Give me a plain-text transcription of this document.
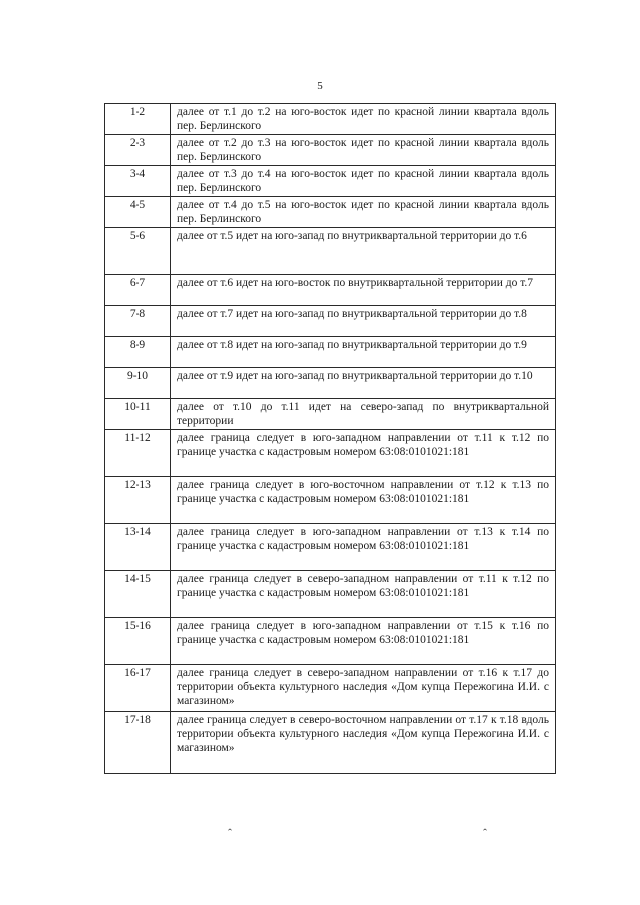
5
1-2	далее от т.1 до т.2 на юго-восток идет по красной линии квартала вдоль пер. Берлинского
2-3	далее от т.2 до т.3 на юго-восток идет по красной линии квартала вдоль пер. Берлинского
3-4	далее от т.3 до т.4 на юго-восток идет по красной линии квартала вдоль пер. Берлинского
4-5	далее от т.4 до т.5 на юго-восток идет по красной линии квартала вдоль пер. Берлинского
5-6	далее от т.5 идет на юго-запад по внутриквартальной территории до т.6
6-7	далее от т.6 идет на юго-восток по внутриквартальной территории до т.7
7-8	далее от т.7 идет на юго-запад по внутриквартальной территории до т.8
8-9	далее от т.8 идет на юго-запад по внутриквартальной территории до т.9
9-10	далее от т.9 идет на юго-запад по внутриквартальной территории до т.10
10-11	далее от т.10 до т.11 идет на северо-запад по внутриквартальной территории
11-12	далее граница следует в юго-западном направлении от т.11 к т.12 по границе участка с кадастровым номером 63:08:0101021:181
12-13	далее граница следует в юго-восточном направлении от т.12 к т.13 по границе участка с кадастровым номером 63:08:0101021:181
13-14	далее граница следует в юго-западном направлении от т.13 к т.14 по границе участка с кадастровым номером 63:08:0101021:181
14-15	далее граница следует в северо-западном направлении от т.11 к т.12 по границе участка с кадастровым номером 63:08:0101021:181
15-16	далее граница следует в юго-западном направлении от т.15 к т.16 по границе участка с кадастровым номером 63:08:0101021:181
16-17	далее граница следует в северо-западном направлении от т.16 к т.17 до территории объекта культурного наследия «Дом купца Пережогина И.И. с магазином»
17-18	далее граница следует в северо-восточном направлении от т.17 к т.18 вдоль территории объекта культурного наследия «Дом купца Пережогина И.И. с магазином»
ˆ	ˆ
